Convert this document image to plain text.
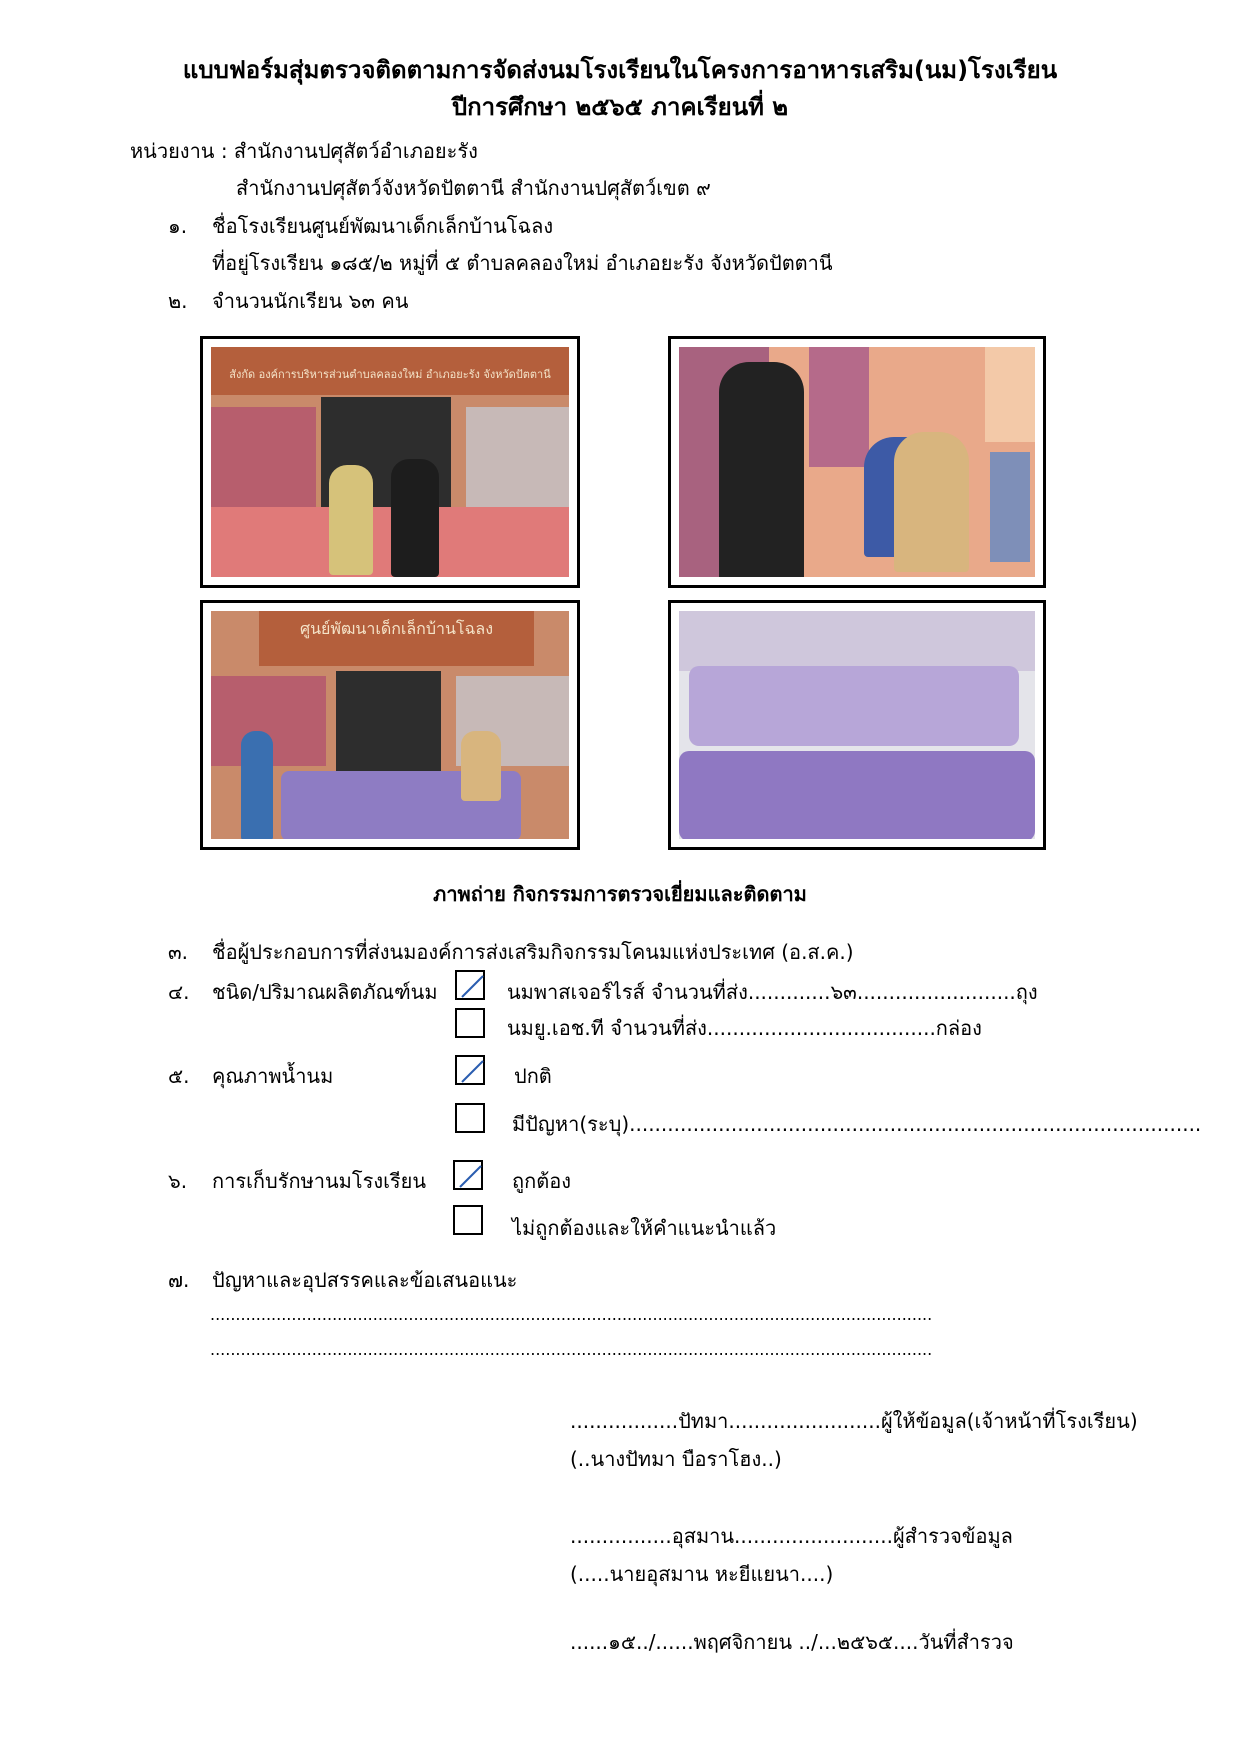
แบบฟอร์มสุ่มตรวจติดตามการจัดส่งนมโรงเรียนในโครงการอาหารเสริม(นม)โรงเรียน
ปีการศึกษา ๒๕๖๕ ภาคเรียนที่ ๒
หน่วยงาน : สำนักงานปศุสัตว์อำเภอยะรัง
สำนักงานปศุสัตว์จังหวัดปัตตานี สำนักงานปศุสัตว์เขต ๙
๑. ชื่อโรงเรียนศูนย์พัฒนาเด็กเล็กบ้านโฉลง
ที่อยู่โรงเรียน ๑๘๕/๒ หมู่ที่ ๕ ตำบลคลองใหม่ อำเภอยะรัง จังหวัดปัตตานี
๒. จำนวนนักเรียน ๖๓ คน
สังกัด องค์การบริหารส่วนตำบลคลองใหม่ อำเภอยะรัง จังหวัดปัตตานี
ศูนย์พัฒนาเด็กเล็กบ้านโฉลง
ภาพถ่าย กิจกรรมการตรวจเยี่ยมและติดตาม
๓. ชื่อผู้ประกอบการที่ส่งนมองค์การส่งเสริมกิจกรรมโคนมแห่งประเทศ (อ.ส.ค.)
๔. ชนิด/ปริมาณผลิตภัณฑ์นม	นมพาสเจอร์ไรส์ จำนวนที่ส่ง.............๖๓.........................ถุง
นมยู.เอช.ที จำนวนที่ส่ง....................................กล่อง
๕. คุณภาพน้ำนม	ปกติ
มีปัญหา(ระบุ)..........................................................................................
๖. การเก็บรักษานมโรงเรียน	ถูกต้อง
ไม่ถูกต้องและให้คำแนะนำแล้ว
๗. ปัญหาและอุปสรรคและข้อเสนอแนะ
..............................................................................................................................................
..............................................................................................................................................
.................ปัทมา........................ผู้ให้ข้อมูล(เจ้าหน้าที่โรงเรียน)
(..นางปัทมา บือราโฮง..)
................อุสมาน.........................ผู้สำรวจข้อมูล
(.....นายอุสมาน หะยีแยนา....)
......๑๕../......พฤศจิกายน ../...๒๕๖๕....วันที่สำรวจ
